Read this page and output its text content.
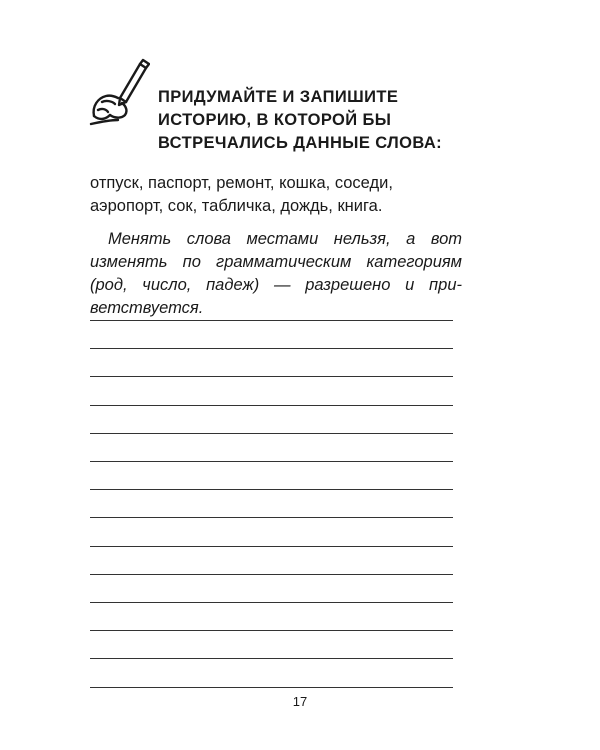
ПРИДУМАЙТЕ И ЗАПИШИТЕ
ИСТОРИЮ, В КОТОРОЙ БЫ
ВСТРЕЧАЛИСЬ ДАННЫЕ СЛОВА:
отпуск, паспорт, ремонт, кошка, соседи,
аэропорт, сок, табличка, дождь, книга.
Менять слова местами нельзя, а вот
изменять по грамматическим категориям
(род, число, падеж) — разрешено и при-
ветствуется.
17
